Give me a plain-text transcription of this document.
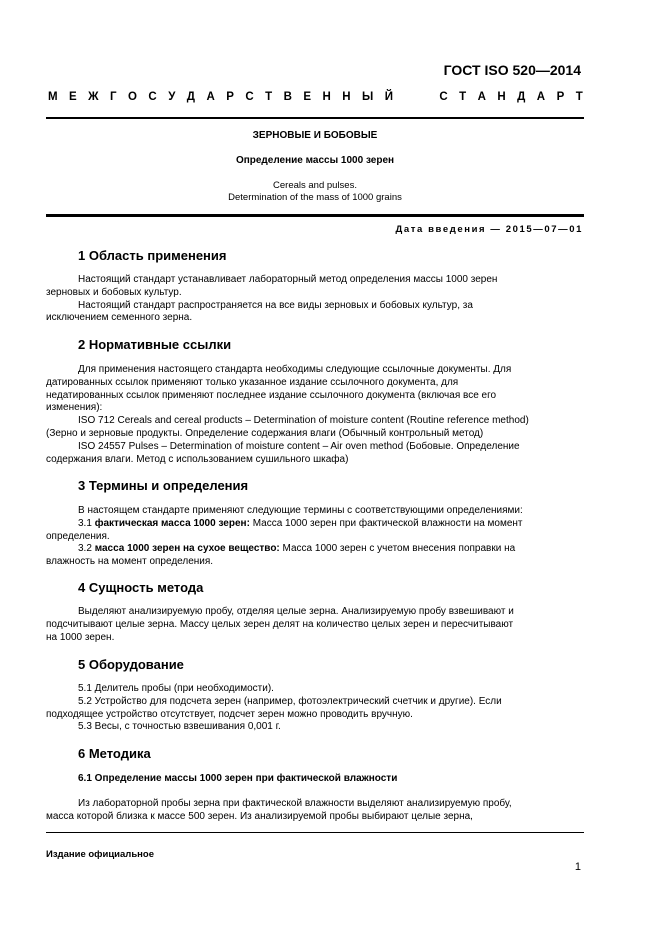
ГОСТ ISO 520—2014
М Е Ж Г О С У Д А Р С Т В Е Н Н Ы Й	С Т А Н Д А Р Т
ЗЕРНОВЫЕ И БОБОВЫЕ
Определение массы 1000 зерен
Cereals and pulses.
Determination of the mass of 1000 grains
Дата введения — 2015—07—01
1 Область применения
Настоящий стандарт устанавливает лабораторный метод определения массы 1000 зерен
зерновых и бобовых культур.
Настоящий стандарт распространяется на все виды зерновых и бобовых культур, за
исключением семенного зерна.
2 Нормативные ссылки
Для применения настоящего стандарта необходимы следующие ссылочные документы. Для
датированных ссылок применяют только указанное издание ссылочного документа, для
недатированных ссылок применяют последнее издание ссылочного документа (включая все его
изменения):
ISO 712 Cereals and cereal products – Determination of moisture content (Routine reference method)
(Зерно и зерновые продукты. Определение содержания влаги (Обычный контрольный метод)
ISO 24557 Pulses – Determination of moisture content – Air oven method (Бобовые. Определение
содержания влаги. Метод с использованием сушильного шкафа)
3 Термины и определения
В настоящем стандарте применяют следующие термины с соответствующими определениями:
3.1 фактическая масса 1000 зерен: Масса 1000 зерен при фактической влажности на момент
определения.
3.2 масса 1000 зерен на сухое вещество: Масса 1000 зерен с учетом внесения поправки на
влажность на момент определения.
4 Сущность метода
Выделяют анализируемую пробу, отделяя целые зерна. Анализируемую пробу взвешивают и
подсчитывают целые зерна. Массу целых зерен делят на количество целых зерен и пересчитывают
на 1000 зерен.
5 Оборудование
5.1 Делитель пробы (при необходимости).
5.2 Устройство для подсчета зерен (например, фотоэлектрический счетчик и другие). Если
подходящее устройство отсутствует, подсчет зерен можно проводить вручную.
5.3 Весы, с точностью взвешивания 0,001 г.
6 Методика
6.1 Определение массы 1000 зерен при фактической влажности
Из лабораторной пробы зерна при фактической влажности выделяют анализируемую пробу,
масса которой близка к массе 500 зерен. Из анализируемой пробы выбирают целые зерна,
Издание официальное
1
